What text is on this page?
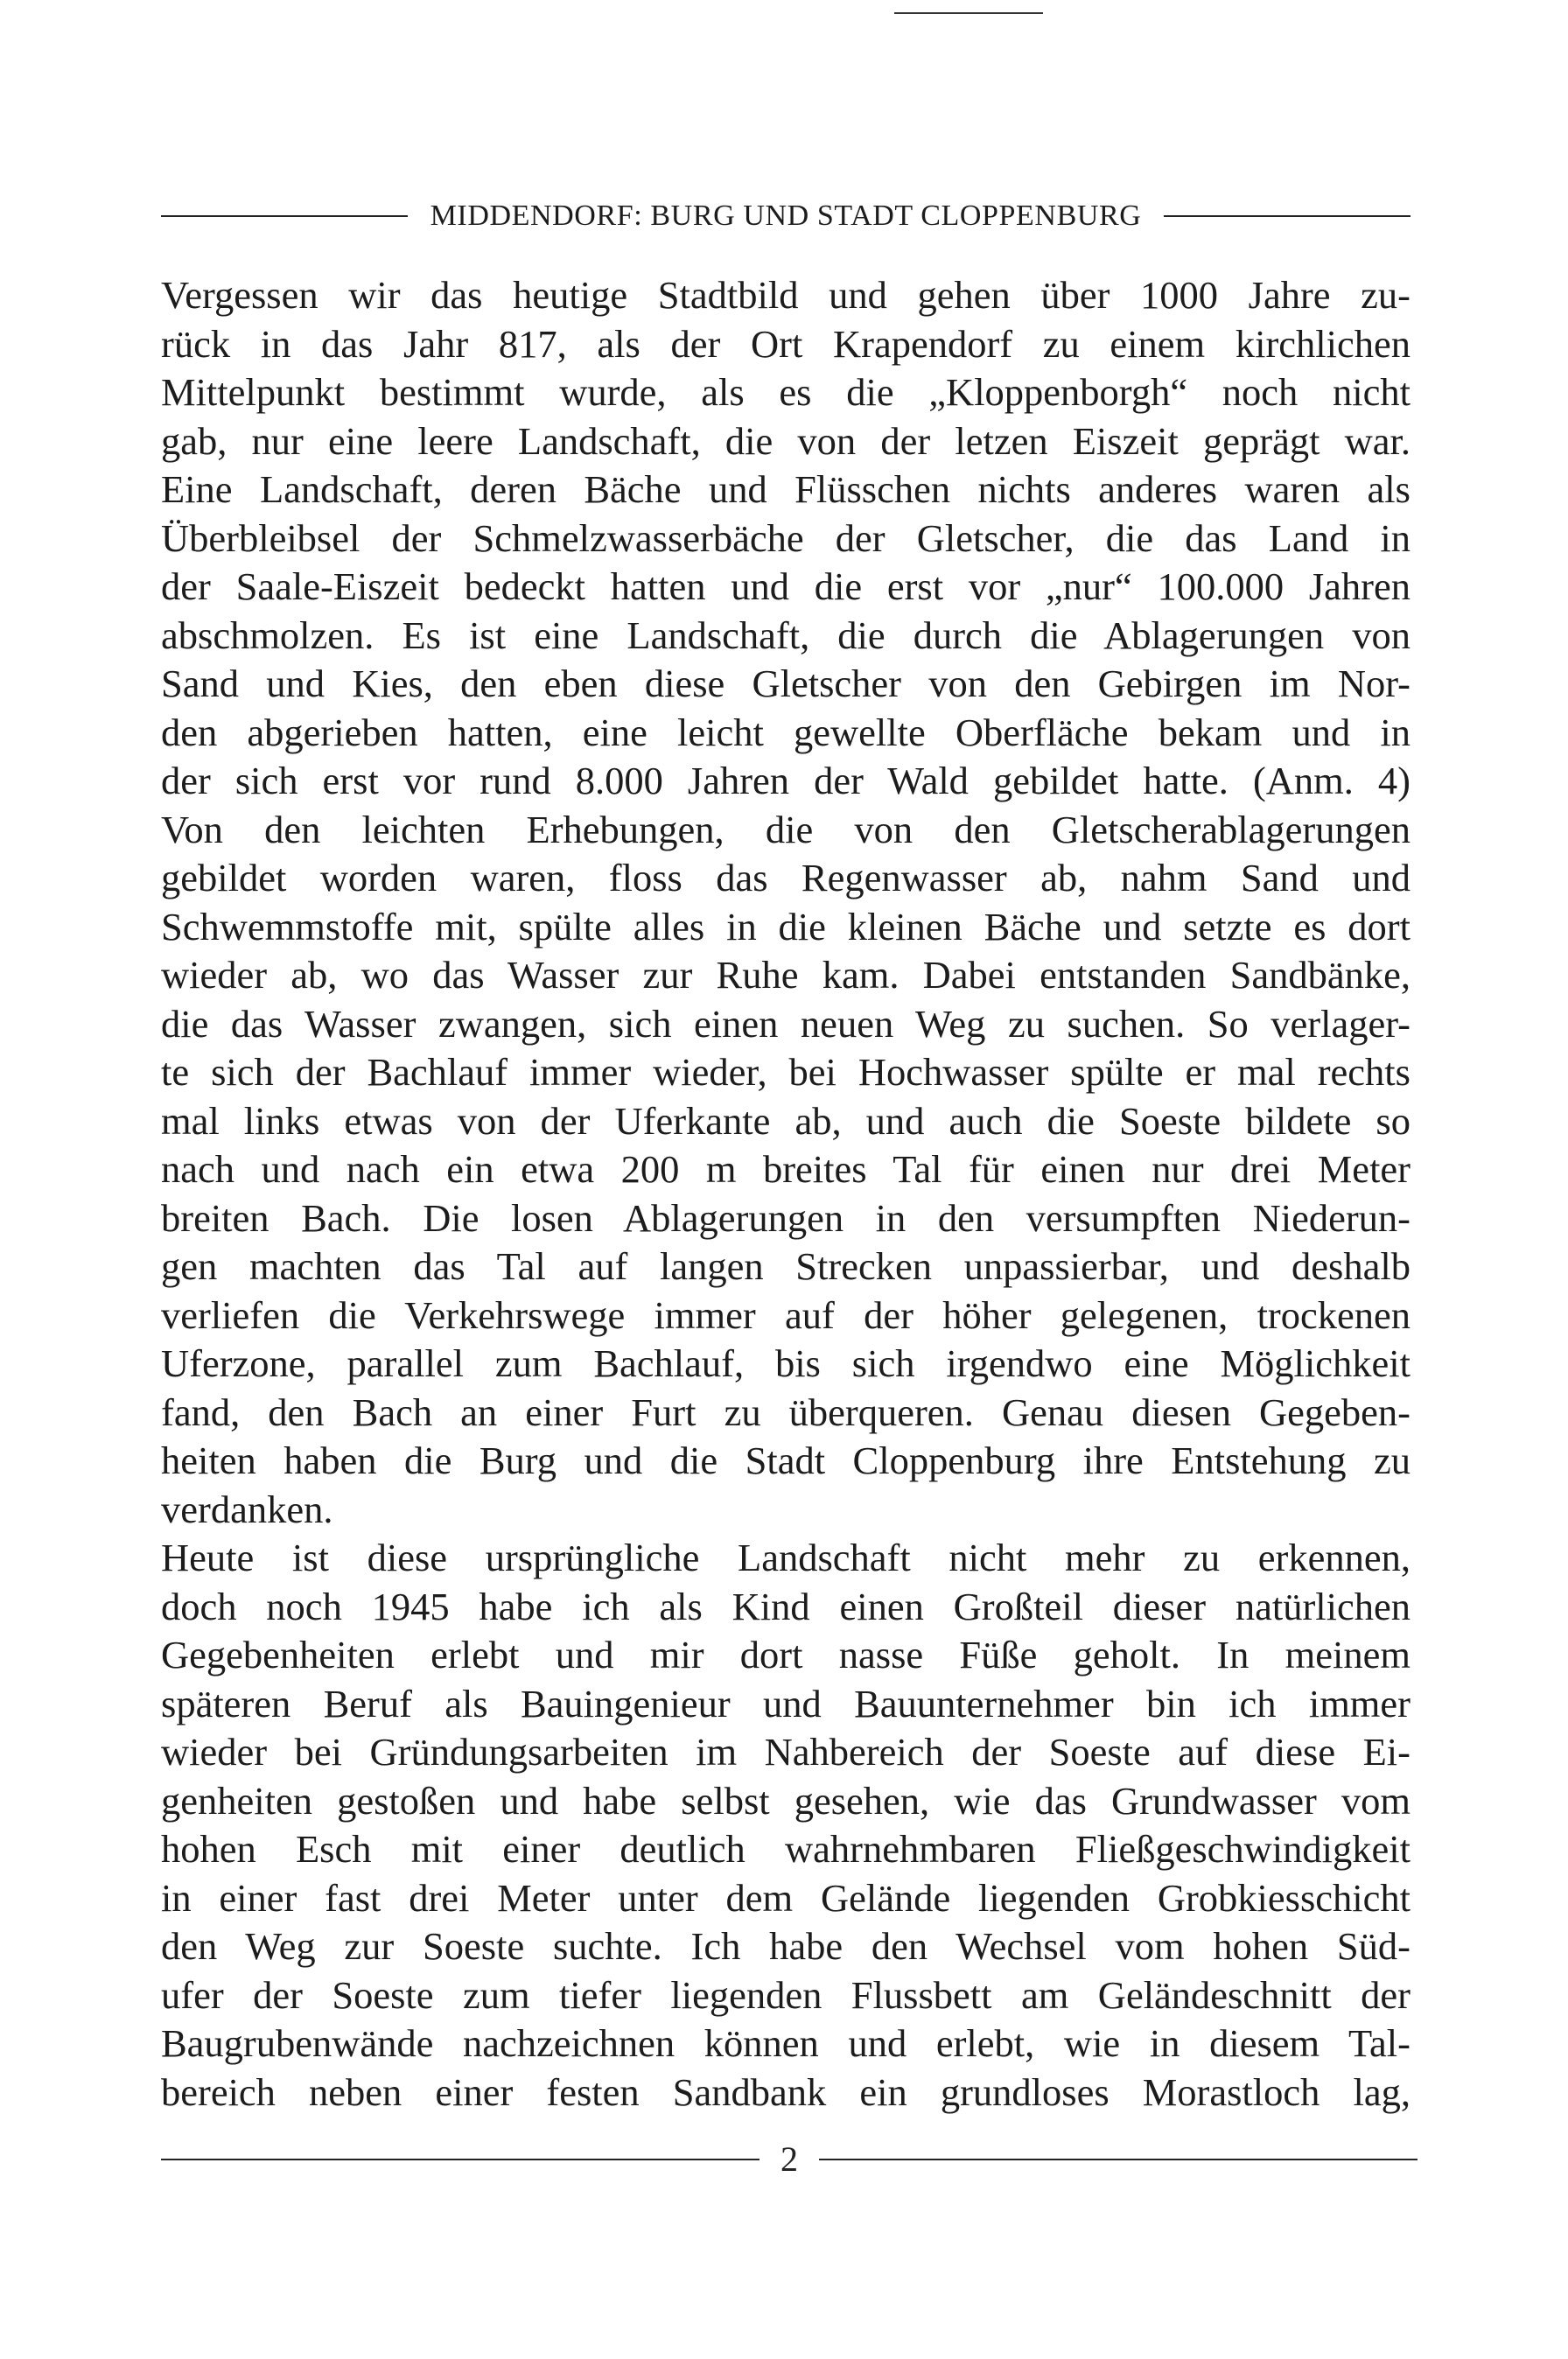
MIDDENDORF: BURG UND STADT CLOPPENBURG
Vergessen wir das heutige Stadtbild und gehen über 1000 Jahre zu-
rück in das Jahr 817, als der Ort Krapendorf zu einem kirchlichen
Mittelpunkt bestimmt wurde, als es die „Kloppenborgh“ noch nicht
gab, nur eine leere Landschaft, die von der letzen Eiszeit geprägt war.
Eine Landschaft, deren Bäche und Flüsschen nichts anderes waren als
Überbleibsel der Schmelzwasserbäche der Gletscher, die das Land in
der Saale-Eiszeit bedeckt hatten und die erst vor „nur“ 100.000 Jahren
abschmolzen. Es ist eine Landschaft, die durch die Ablagerungen von
Sand und Kies, den eben diese Gletscher von den Gebirgen im Nor-
den abgerieben hatten, eine leicht gewellte Oberfläche bekam und in
der sich erst vor rund 8.000 Jahren der Wald gebildet hatte. (Anm. 4)
Von den leichten Erhebungen, die von den Gletscherablagerungen
gebildet worden waren, floss das Regenwasser ab, nahm Sand und
Schwemmstoffe mit, spülte alles in die kleinen Bäche und setzte es dort
wieder ab, wo das Wasser zur Ruhe kam. Dabei entstanden Sandbänke,
die das Wasser zwangen, sich einen neuen Weg zu suchen. So verlager-
te sich der Bachlauf immer wieder, bei Hochwasser spülte er mal rechts
mal links etwas von der Uferkante ab, und auch die Soeste bildete so
nach und nach ein etwa 200 m breites Tal für einen nur drei Meter
breiten Bach. Die losen Ablagerungen in den versumpften Niederun-
gen machten das Tal auf langen Strecken unpassierbar, und deshalb
verliefen die Verkehrswege immer auf der höher gelegenen, trockenen
Uferzone, parallel zum Bachlauf, bis sich irgendwo eine Möglichkeit
fand, den Bach an einer Furt zu überqueren. Genau diesen Gegeben-
heiten haben die Burg und die Stadt Cloppenburg ihre Entstehung zu
verdanken.
Heute ist diese ursprüngliche Landschaft nicht mehr zu erkennen,
doch noch 1945 habe ich als Kind einen Großteil dieser natürlichen
Gegebenheiten erlebt und mir dort nasse Füße geholt. In meinem
späteren Beruf als Bauingenieur und Bauunternehmer bin ich immer
wieder bei Gründungsarbeiten im Nahbereich der Soeste auf diese Ei-
genheiten gestoßen und habe selbst gesehen, wie das Grundwasser vom
hohen Esch mit einer deutlich wahrnehmbaren Fließgeschwindigkeit
in einer fast drei Meter unter dem Gelände liegenden Grobkiesschicht
den Weg zur Soeste suchte. Ich habe den Wechsel vom hohen Süd-
ufer der Soeste zum tiefer liegenden Flussbett am Geländeschnitt der
Baugrubenwände nachzeichnen können und erlebt, wie in diesem Tal-
bereich neben einer festen Sandbank ein grundloses Morastloch lag,
2
